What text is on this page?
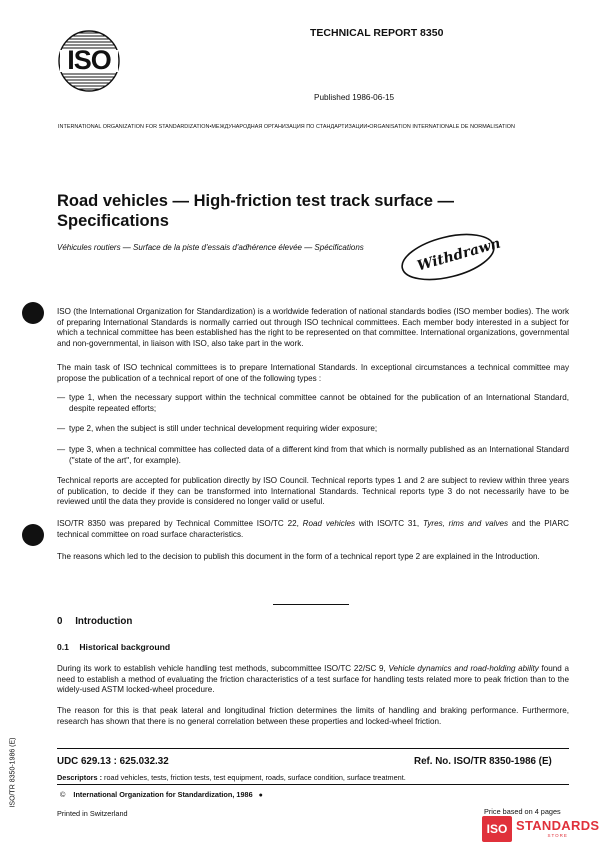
ISO
TECHNICAL REPORT 8350
Published 1986-06-15
INTERNATIONAL ORGANIZATION FOR STANDARDIZATION•МЕЖДУНАРОДНАЯ ОРГАНИЗАЦИЯ ПО СТАНДАРТИЗАЦИИ•ORGANISATION INTERNATIONALE DE NORMALISATION
Road vehicles — High-friction test track surface —
Specifications
Véhicules routiers — Surface de la piste d'essais d'adhérence élevée — Spécifications	Withdrawn
ISO (the International Organization for Standardization) is a worldwide federation of national standards bodies (ISO member bodies). The work of preparing International Standards is normally carried out through ISO technical committees. Each member body interested in a subject for which a technical committee has been established has the right to be represented on that committee. International organizations, governmental and non-governmental, in liaison with ISO, also take part in the work.
The main task of ISO technical committees is to prepare International Standards. In exceptional circumstances a technical committee may propose the publication of a technical report of one of the following types :
— type 1, when the necessary support within the technical committee cannot be obtained for the publication of an International Standard, despite repeated efforts;
— type 2, when the subject is still under technical development requiring wider exposure;
— type 3, when a technical committee has collected data of a different kind from that which is normally published as an International Standard ("state of the art", for example).
Technical reports are accepted for publication directly by ISO Council. Technical reports types 1 and 2 are subject to review within three years of publication, to decide if they can be transformed into International Standards. Technical reports type 3 do not necessarily have to be reviewed until the data they provide is considered no longer valid or useful.
ISO/TR 8350 was prepared by Technical Committee ISO/TC 22, Road vehicles with ISO/TC 31, Tyres, rims and valves and the PIARC technical committee on road surface characteristics.
The reasons which led to the decision to publish this document in the form of a technical report type 2 are explained in the Introduction.
0 Introduction
0.1 Historical background
During its work to establish vehicle handling test methods, subcommittee ISO/TC 22/SC 9, Vehicle dynamics and road-holding ability found a need to establish a method of evaluating the friction characteristics of a test surface for handling tests related more to peak friction than to the widely-used ASTM locked-wheel procedure.
The reason for this is that peak lateral and longitudinal friction determines the limits of handling and braking performance. Furthermore, research has shown that there is no general correlation between these properties and locked-wheel friction.
UDC 629.13 : 625.032.32	Ref. No. ISO/TR 8350-1986 (E)
Descriptors : road vehicles, tests, friction tests, test equipment, roads, surface condition, surface treatment.
© International Organization for Standardization, 1986 ●
Printed in Switzerland	Price based on 4 pages
ISO/TR 8350-1986 (E)
ISO STANDARDS
STORE
